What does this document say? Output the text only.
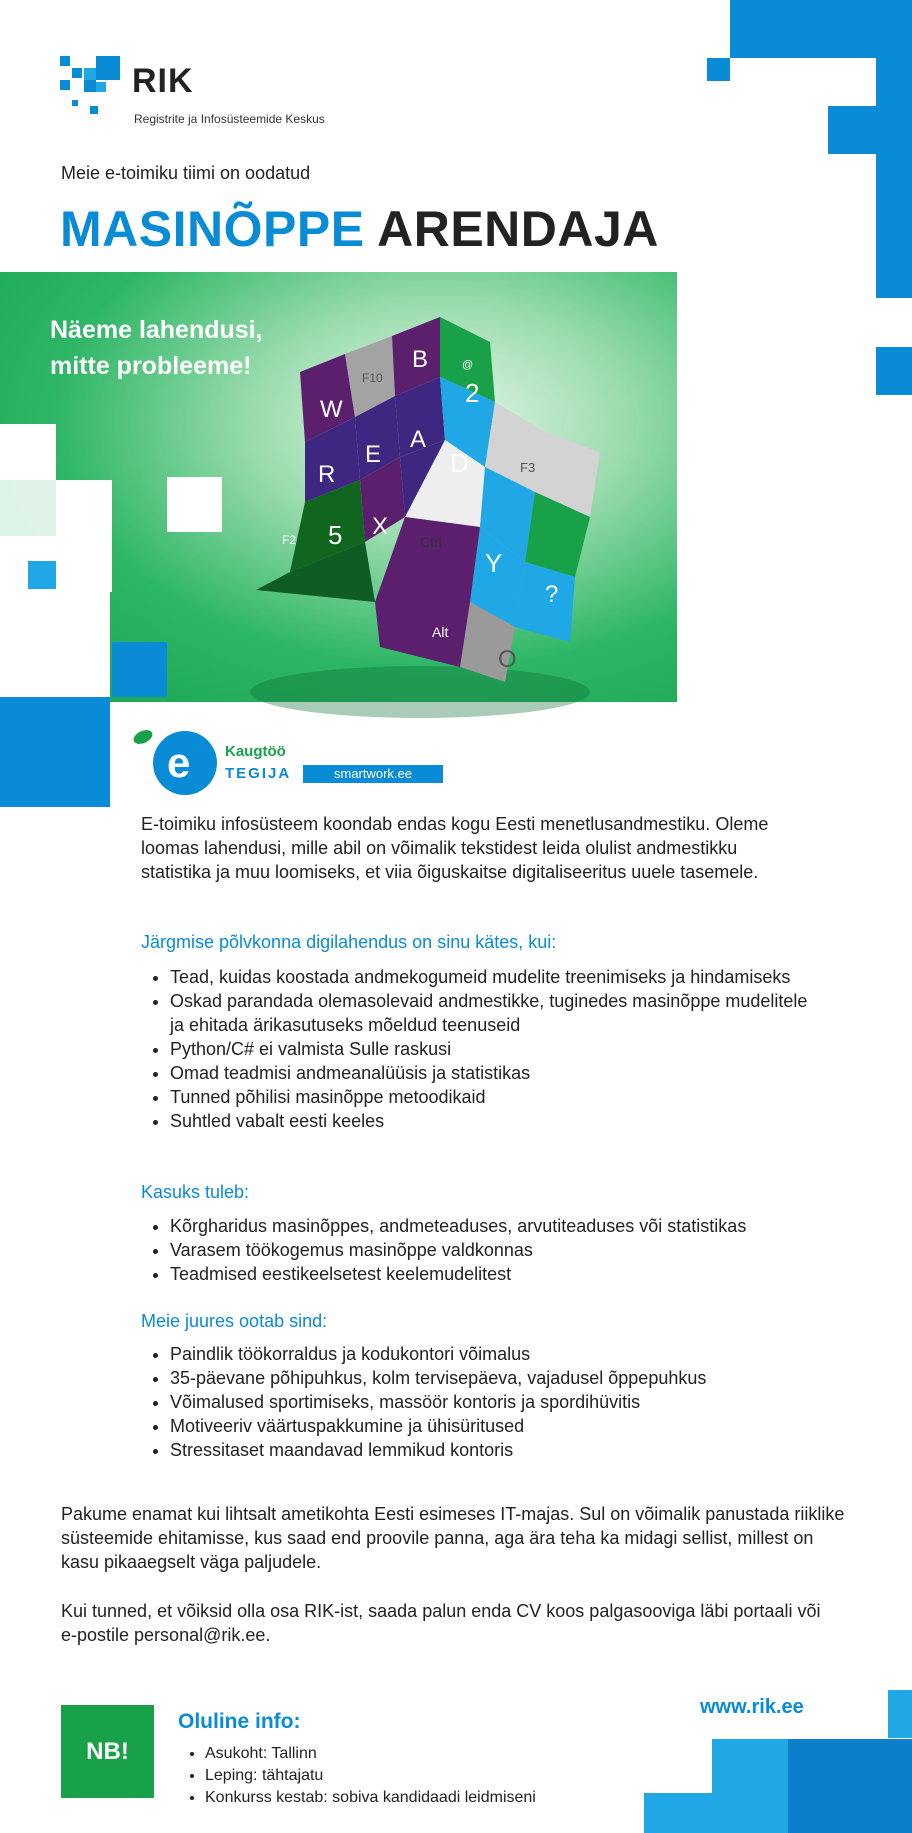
RIK
Registrite ja Infosüsteemide Keskus
Meie e-toimiku tiimi on oodatud
MASINÕPPE ARENDAJA
W
F10
B
R
E
A
F2 5 X
@
2
D	F3
Ctrl
Y
?
Alt
O
Näeme lahendusi,
mitte probleeme!
e Kaugtöö
TEGIJA	smartwork.ee
E-toimiku infosüsteem koondab endas kogu Eesti menetlusandmestiku. Oleme loomas lahendusi, mille abil on võimalik tekstidest leida olulist andmestikku statistika ja muu loomiseks, et viia õiguskaitse digitaliseeritus uuele tasemele.
Järgmise põlvkonna digilahendus on sinu kätes, kui:
• Tead, kuidas koostada andmekogumeid mudelite treenimiseks ja hindamiseks
• Oskad parandada olemasolevaid andmestikke, tuginedes masinõppe mudelitele ja ehitada ärikasutuseks mõeldud teenuseid
• Python/C# ei valmista Sulle raskusi
• Omad teadmisi andmeanalüüsis ja statistikas
• Tunned põhilisi masinõppe metoodikaid
• Suhtled vabalt eesti keeles
Kasuks tuleb:
• Kõrgharidus masinõppes, andmeteaduses, arvutiteaduses või statistikas
• Varasem töökogemus masinõppe valdkonnas
• Teadmised eestikeelsetest keelemudelitest
Meie juures ootab sind:
• Paindlik töökorraldus ja kodukontori võimalus
• 35-päevane põhipuhkus, kolm tervisepäeva, vajadusel õppepuhkus
• Võimalused sportimiseks, massöör kontoris ja spordihüvitis
• Motiveeriv väärtuspakkumine ja ühisüritused
• Stressitaset maandavad lemmikud kontoris
Pakume enamat kui lihtsalt ametikohta Eesti esimeses IT-majas. Sul on võimalik panustada riiklike süsteemide ehitamisse, kus saad end proovile panna, aga ära teha ka midagi sellist, millest on kasu pikaaegselt väga paljudele.
Kui tunned, et võiksid olla osa RIK-ist, saada palun enda CV koos palgasooviga läbi portaali või e-postile personal@rik.ee.
NB!
Oluline info:
• Asukoht: Tallinn
• Leping: tähtajatu
• Konkurss kestab: sobiva kandidaadi leidmiseni
www.rik.ee
